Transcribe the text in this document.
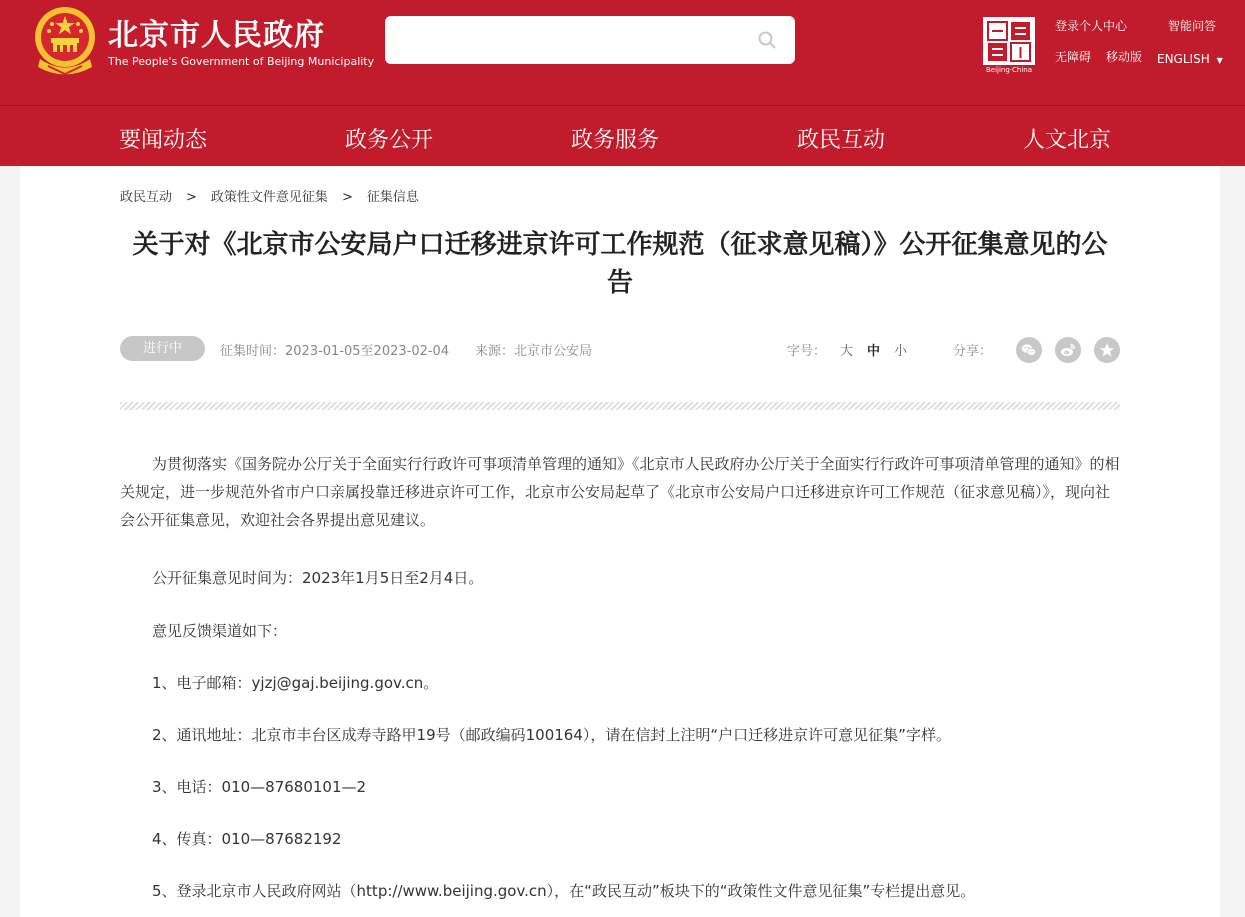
北京市人民政府
The People's Government of Beijing Municipality
Beijing·China
登录个人中心	智能问答
无障碍 移动版 ENGLISH ▼
要闻动态	政务公开	政务服务	政民互动	人文北京
政民互动 > 政策性文件意见征集 > 征集信息
关于对《北京市公安局户口迁移进京许可工作规范（征求意见稿）》公开征集意见的公告
进行中	征集时间：2023-01-05至2023-02-04 来源：北京市公安局	字号： 大 中 小	分享：
为贯彻落实《国务院办公厅关于全面实行行政许可事项清单管理的通知》《北京市人民政府办公厅关于全面实行行政许可事项清单管理的通知》的相关规定，进一步规范外省市户口亲属投靠迁移进京许可工作，北京市公安局起草了《北京市公安局户口迁移进京许可工作规范（征求意见稿）》，现向社会公开征集意见，欢迎社会各界提出意见建议。
公开征集意见时间为：2023年1月5日至2月4日。
意见反馈渠道如下：
1、电子邮箱：yjzj@gaj.beijing.gov.cn。
2、通讯地址：北京市丰台区成寿寺路甲19号（邮政编码100164），请在信封上注明“户口迁移进京许可意见征集”字样。
3、电话：010—87680101—2
4、传真：010—87682192
5、登录北京市人民政府网站（http://www.beijing.gov.cn），在“政民互动”板块下的“政策性文件意见征集”专栏提出意见。
